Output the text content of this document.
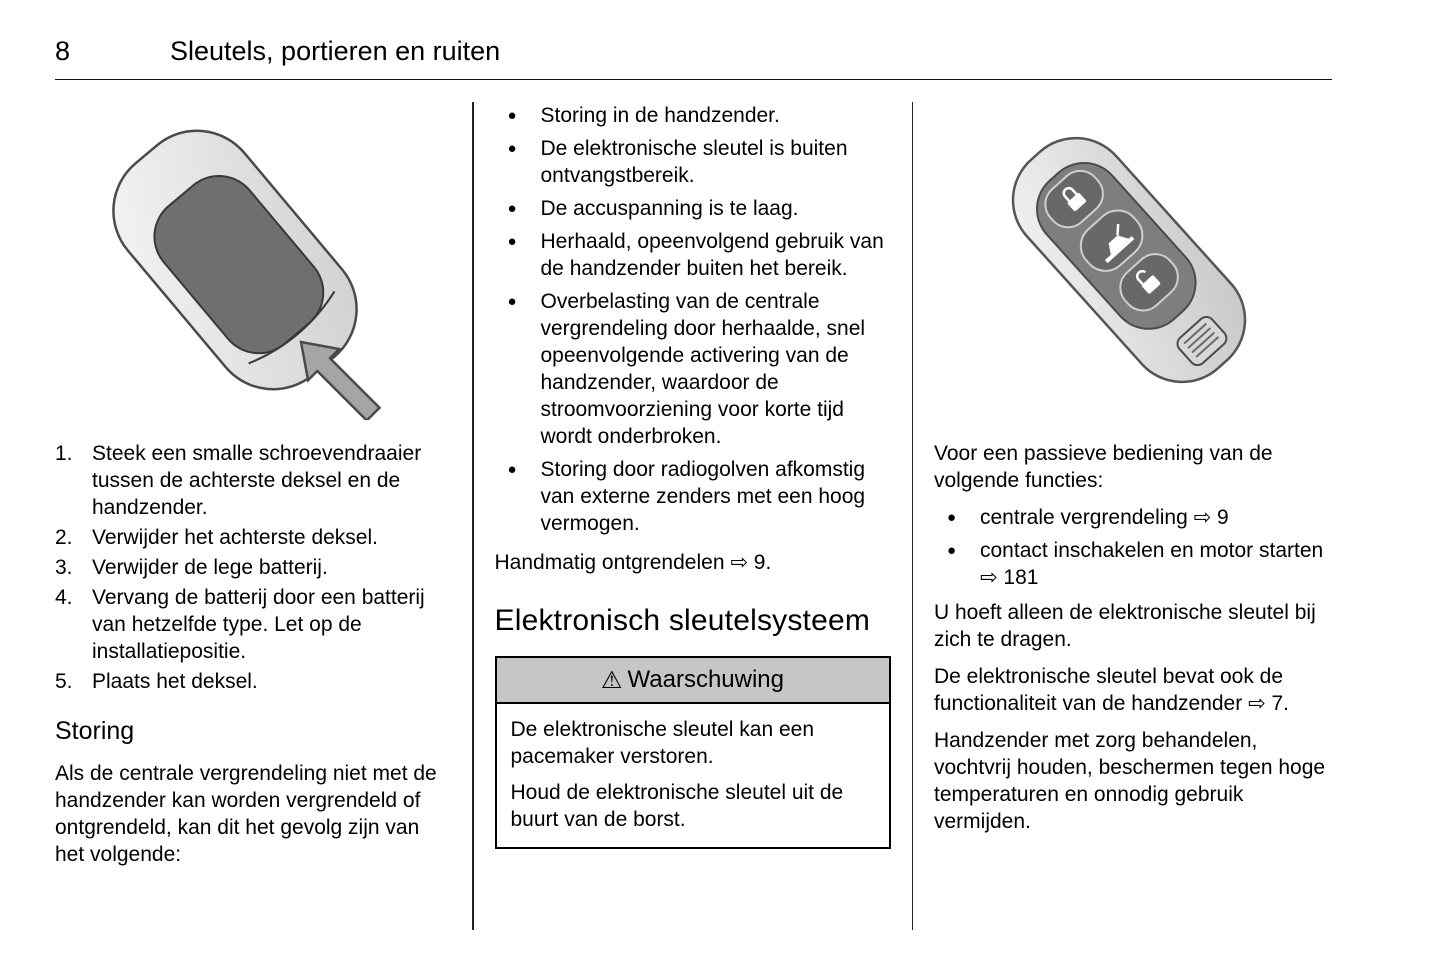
8	Sleutels, portieren en ruiten
1. Steek een smalle schroevendraaier tussen de achterste deksel en de handzender.
2. Verwijder het achterste deksel.
3. Verwijder de lege batterij.
4. Vervang de batterij door een batterij van hetzelfde type. Let op de installatiepositie.
5. Plaats het deksel.
Storing

Als de centrale vergrendeling niet met de handzender kan worden vergrendeld of ontgrendeld, kan dit het gevolg zijn van het volgende:

●	Storing in de handzender.
●	De elektronische sleutel is buiten ontvangstbereik.
●	De accuspanning is te laag.
●	Herhaald, opeenvolgend gebruik van de handzender buiten het bereik.
●	Overbelasting van de centrale vergrendeling door herhaalde, snel opeenvolgende activering van de handzender, waardoor de stroomvoorziening voor korte tijd wordt onderbroken.
●	Storing door radiogolven afkomstig van externe zenders met een hoog vermogen.

Handmatig ontgrendelen ⇨ 9.

Elektronisch sleutelsysteem
⚠ Waarschuwing

De elektronische sleutel kan een pacemaker verstoren.

Houd de elektronische sleutel uit de buurt van de borst.

Voor een passieve bediening van de volgende functies:

●	centrale vergrendeling ⇨ 9
●	contact inschakelen en motor starten ⇨ 181

U hoeft alleen de elektronische sleutel bij zich te dragen.

De elektronische sleutel bevat ook de functionaliteit van de handzender ⇨ 7.

Handzender met zorg behandelen, vochtvrij houden, beschermen tegen hoge temperaturen en onnodig gebruik vermijden.
